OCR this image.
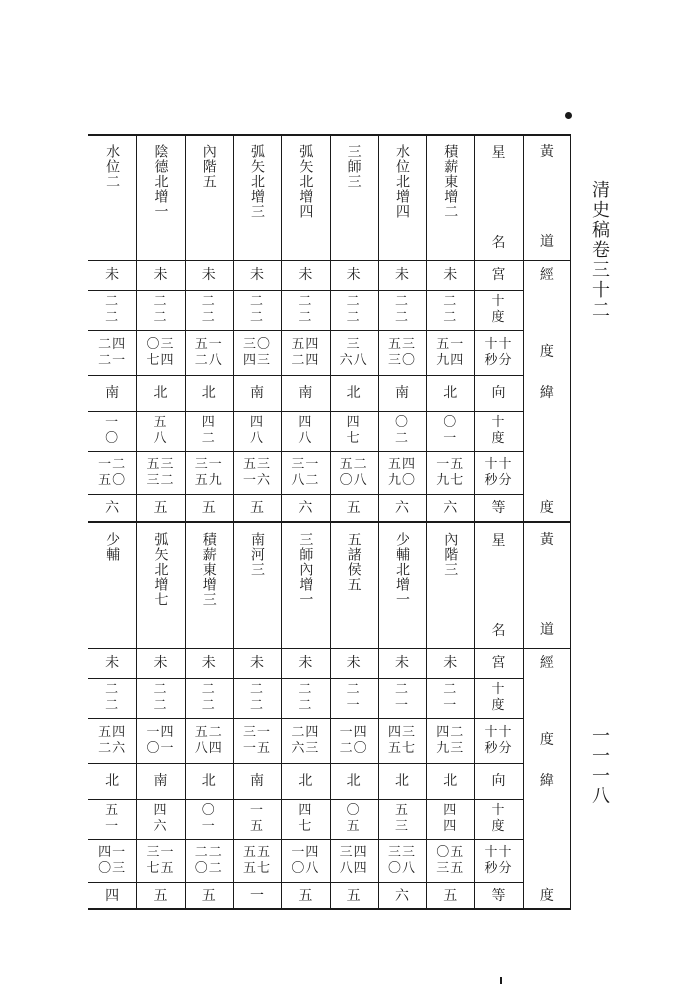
清史稿卷三十二
一一一八
積薪東增二
未
二
二
五一
九四
北
〇
一
一五
九七
六
水位北增四
未
二
二
五三
三〇
南
〇
二
五四
九〇
六
三師三
未
二
二
三
六八
北
四
七
五二
〇八
五
弧矢北增四
未
二
二
五四
二四
南
四
八
三一
八二
六
弧矢北增三
未
二
二
三〇
四三
南
四
八
五三
一六
五
內階五
未
二
二
五一
二八
北
四
二
三一
五九
五
陰德北增一
未
二
二
〇三
七四
北
五
八
五三
三二
五
水位二
未
二
二
二四
二一
南
一
〇
一二
五〇
六
星
名
宮
十
度
十十
秒分
向
十
度
十十
秒分
等
黃
道
經
度
緯
度
內階三
未
二
一
四二
九三
北
四
四
〇五
三五
五
少輔北增一
未
二
一
四三
五七
北
五
三
三三
〇八
六
五諸侯五
未
二
一
一四
二〇
北
〇
五
三四
八四
五
三師內增一
未
二
二
二四
六三
北
四
七
一四
〇八
五
南河三
未
二
二
三一
一五
南
一
五
五五
五七
一
積薪東增三
未
二
二
五二
八四
北
〇
一
二二
〇二
五
弧矢北增七
未
二
二
一四
〇一
南
四
六
三一
七五
五
少輔
未
二
二
五四
二六
北
五
一
四一
〇三
四
星
名
宮
十
度
十十
秒分
向
十
度
十十
秒分
等
黃
道
經
度
緯
度
